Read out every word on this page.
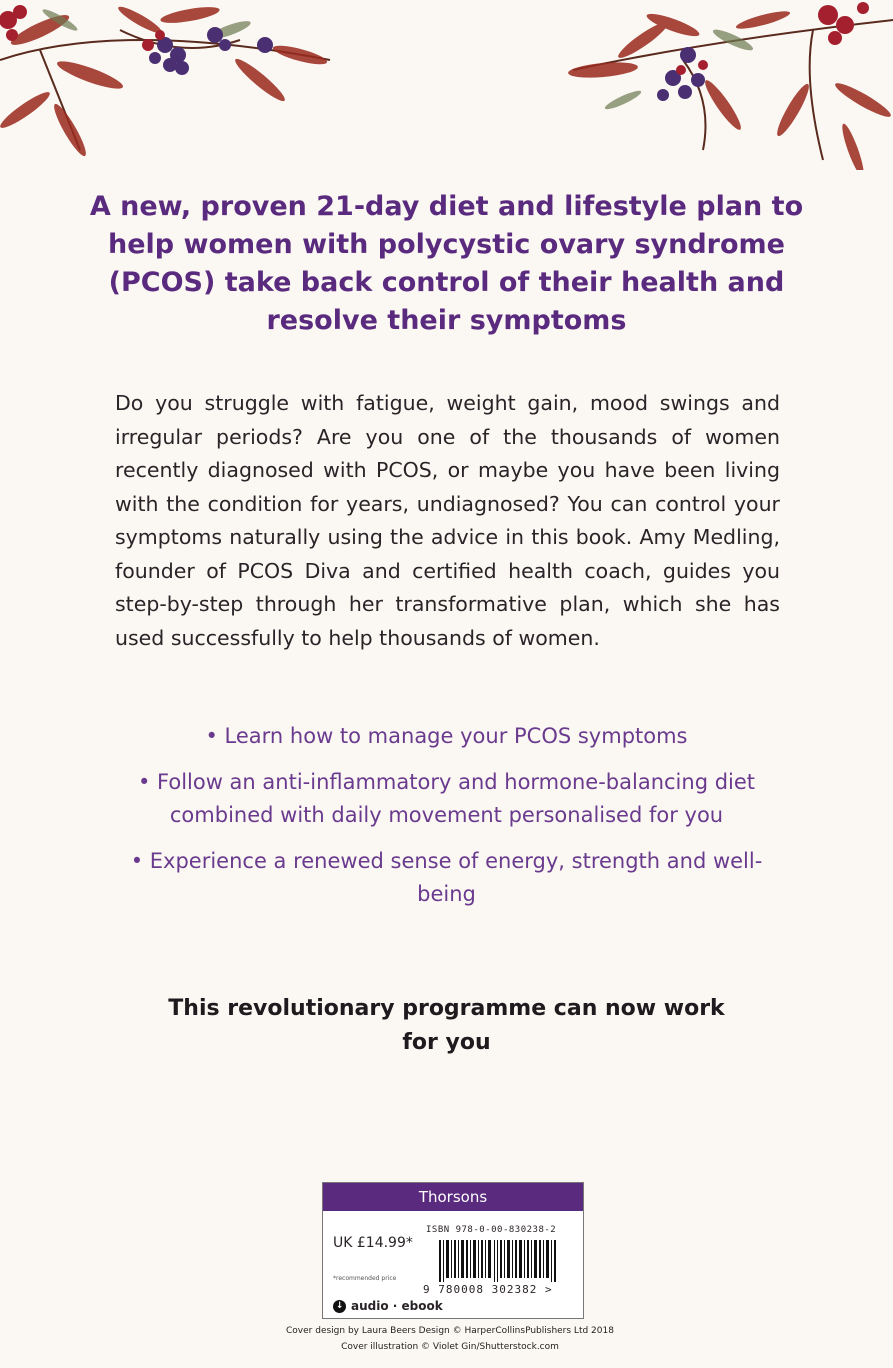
A new, proven 21-day diet and lifestyle plan to help women with polycystic ovary syndrome (PCOS) take back control of their health and resolve their symptoms

Do you struggle with fatigue, weight gain, mood swings and irregular periods? Are you one of the thousands of women recently diagnosed with PCOS, or maybe you have been living with the condition for years, undiagnosed? You can control your symptoms naturally using the advice in this book. Amy Medling, founder of PCOS Diva and certified health coach, guides you step-by-step through her transformative plan, which she has used successfully to help thousands of women.

• Learn how to manage your PCOS symptoms

• Follow an anti-inflammatory and hormone-balancing diet combined with daily movement personalised for you

• Experience a renewed sense of energy, strength and well-being

This revolutionary programme can now work for you

Thorsons
ISBN 978-0-00-830238-2
UK £14.99*
*recommended price
9 780008 302382 >
↓ audio · ebook

Cover design by Laura Beers Design © HarperCollinsPublishers Ltd 2018

Cover illustration © Violet Gin/Shutterstock.com
